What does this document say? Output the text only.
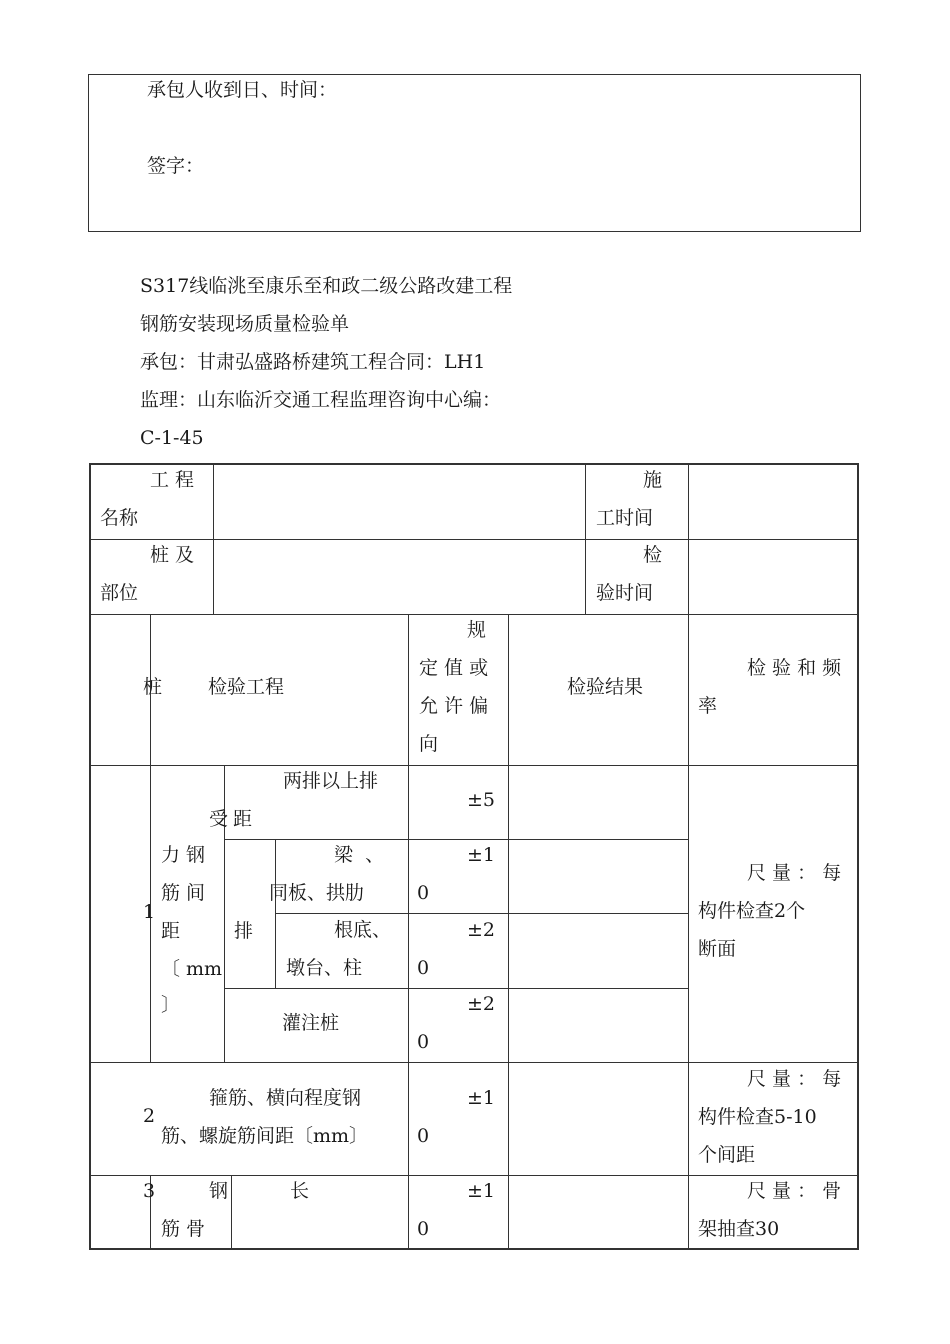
承包人收到日、时间：
签字：
S317线临洮至康乐至和政二级公路改建工程
钢筋安装现场质量检验单
承包：甘肃弘盛路桥建筑工程合同：LH1
监理：山东临沂交通工程监理咨询中心编：
C-1-45
工 程
名称
施
工时间
桩 及
部位
检
验时间
桩 检验工程
规
定 值 或
允 许 偏
向
检验结果
检 验 和 频
率
1
力 钢
筋 间
距
〔 mm
〕
受
排
两排以上排
距
±5
梁  、
同板、拱肋
±1
0
根底、
墩台、柱
±2
0
灌注桩
±2
0
尺 量 ： 每
构件检查2个
断面
2
箍筋、横向程度钢
筋、螺旋筋间距〔mm〕
±1
0
尺 量 ： 每
构件检查5-10
个间距
3	钢
筋 骨
长	±1
0
尺 量 ： 骨
架抽查30
